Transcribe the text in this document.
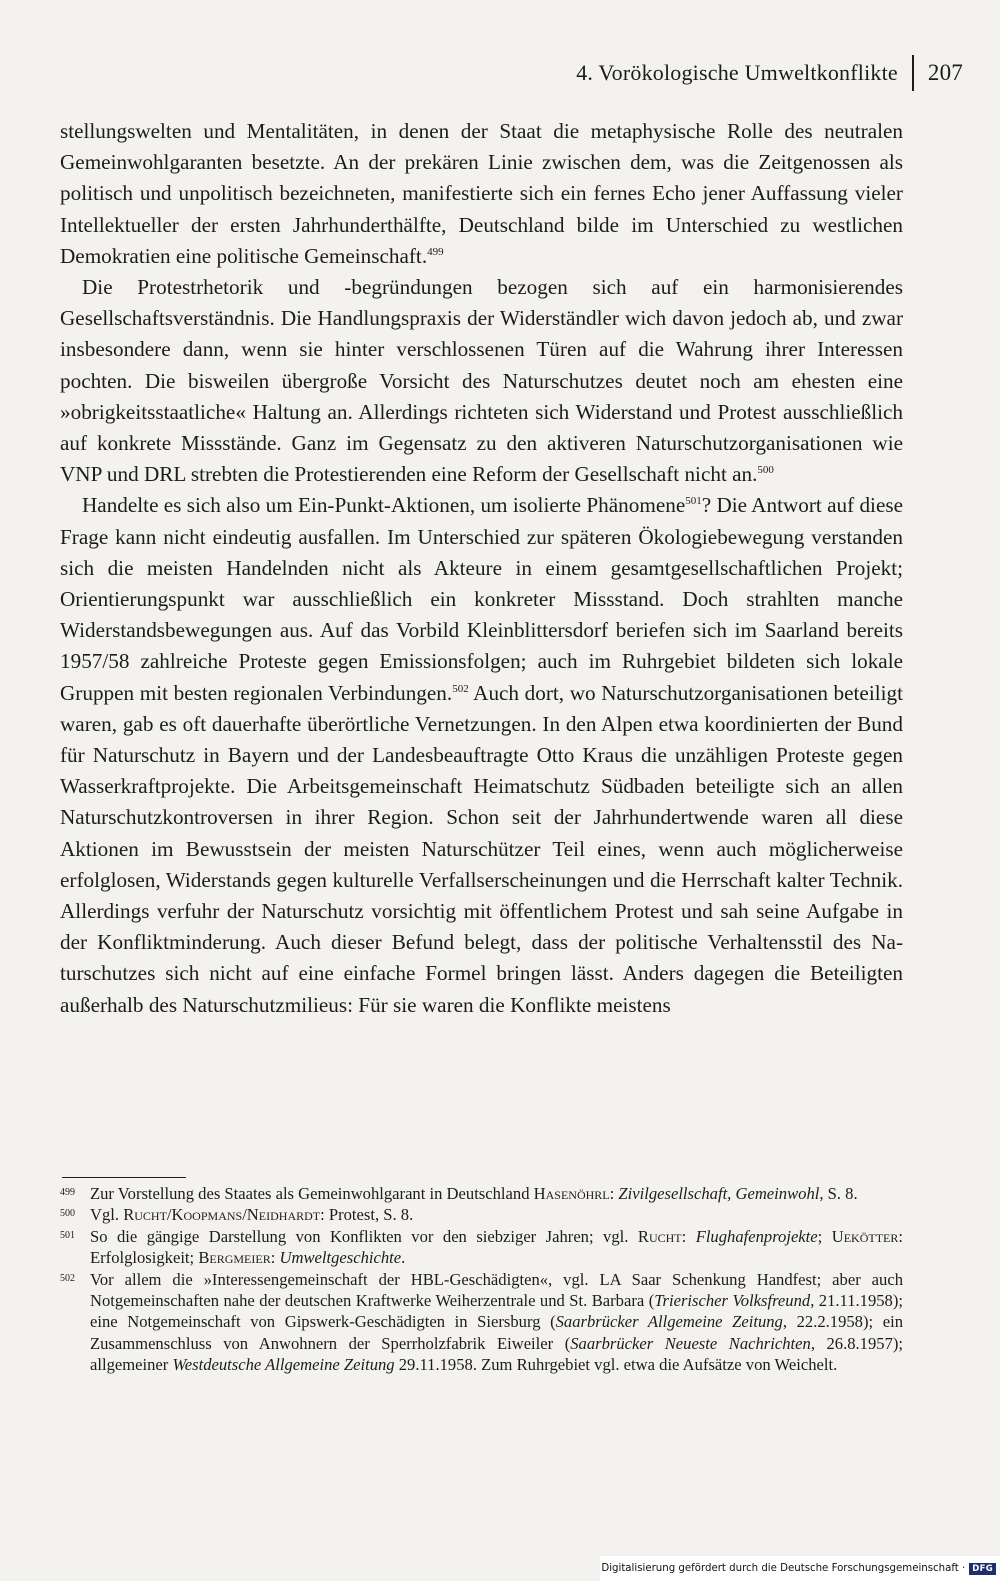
4. Vorökologische Umweltkonflikte 207

stellungswelten und Mentalitäten, in denen der Staat die metaphysische Rolle des neutralen Gemeinwohlgaranten besetzte. An der prekären Linie zwischen dem, was die Zeitgenossen als politisch und unpolitisch bezeichneten, manifestierte sich ein fernes Echo jener Auffassung vieler Intellektueller der ersten Jahrhunderthälfte, Deutschland bilde im Unterschied zu westlichen Demokratien eine politische Gemeinschaft.$^{499}$

Die Protestrhetorik und -begründungen bezogen sich auf ein harmonisierendes Gesellschaftsverständnis. Die Handlungspraxis der Widerständler wich davon jedoch ab, und zwar insbesondere dann, wenn sie hinter verschlossenen Türen auf die Wahrung ihrer Interessen pochten. Die bisweilen übergroße Vorsicht des Naturschutzes deutet noch am ehesten eine »obrigkeitsstaatliche« Haltung an. Allerdings richteten sich Widerstand und Protest ausschließlich auf konkrete Missstände. Ganz im Gegensatz zu den aktiveren Naturschutzorganisationen wie VNP und DRL strebten die Protestierenden eine Reform der Gesellschaft nicht an.$^{500}$

Handelte es sich also um Ein-Punkt-Aktionen, um isolierte Phänomene$^{501}$? Die Antwort auf diese Frage kann nicht eindeutig ausfallen. Im Unterschied zur späteren Ökologiebewegung verstanden sich die meisten Handelnden nicht als Akteure in einem gesamtgesellschaftlichen Projekt; Orientierungspunkt war ausschließlich ein konkreter Missstand. Doch strahlten manche Widerstandsbewegungen aus. Auf das Vorbild Kleinblittersdorf beriefen sich im Saarland bereits 1957/58 zahlreiche Proteste gegen Emissionsfolgen; auch im Ruhrgebiet bildeten sich lokale Gruppen mit besten regionalen Verbindungen.$^{502}$ Auch dort, wo Naturschutzorganisationen beteiligt waren, gab es oft dauerhafte überörtliche Vernetzungen. In den Alpen etwa koordinierten der Bund für Naturschutz in Bayern und der Landesbeauftragte Otto Kraus die unzähligen Proteste gegen Wasserkraftprojekte. Die Arbeitsgemeinschaft Heimatschutz Südbaden beteiligte sich an allen Naturschutzkontroversen in ihrer Region. Schon seit der Jahrhundertwende waren all diese Aktionen im Bewusstsein der meisten Naturschützer Teil eines, wenn auch möglicherweise erfolglosen, Widerstands gegen kulturelle Verfallserscheinungen und die Herrschaft kalter Technik. Allerdings verfuhr der Naturschutz vorsichtig mit öffentlichem Protest und sah seine Aufgabe in der Konfliktminderung. Auch dieser Befund belegt, dass der politische Verhaltensstil des Naturschutzes sich nicht auf eine einfache Formel bringen lässt. Anders dagegen die Beteiligten außerhalb des Naturschutzmilieus: Für sie waren die Konflikte meistens

499 Zur Vorstellung des Staates als Gemeinwohlgarant in Deutschland Hasenöhrl: Zivilgesellschaft, Gemeinwohl, S. 8.

500 Vgl. Rucht/Koopmans/Neidhardt: Protest, S. 8.

501 So die gängige Darstellung von Konflikten vor den siebziger Jahren; vgl. Rucht: Flughafenprojekte; Uekötter: Erfolglosigkeit; Bergmeier: Umweltgeschichte.

502 Vor allem die »Interessengemeinschaft der HBL-Geschädigten«, vgl. LA Saar Schenkung Handfest; aber auch Notgemeinschaften nahe der deutschen Kraftwerke Weiherzentrale und St. Barbara (Trierischer Volksfreund, 21.11.1958); eine Notgemeinschaft von Gipswerk-Geschädigten in Siersburg (Saarbrücker Allgemeine Zeitung, 22.2.1958); ein Zusammenschluss von Anwohnern der Sperrholzfabrik Eiweiler (Saarbrücker Neueste Nachrichten, 26.8.1957); allgemeiner Westdeutsche Allgemeine Zeitung 29.11.1958. Zum Ruhrgebiet vgl. etwa die Aufsätze von Weichelt.

Digitalisierung gefördert durch die Deutsche Forschungsgemeinschaft · DFG
